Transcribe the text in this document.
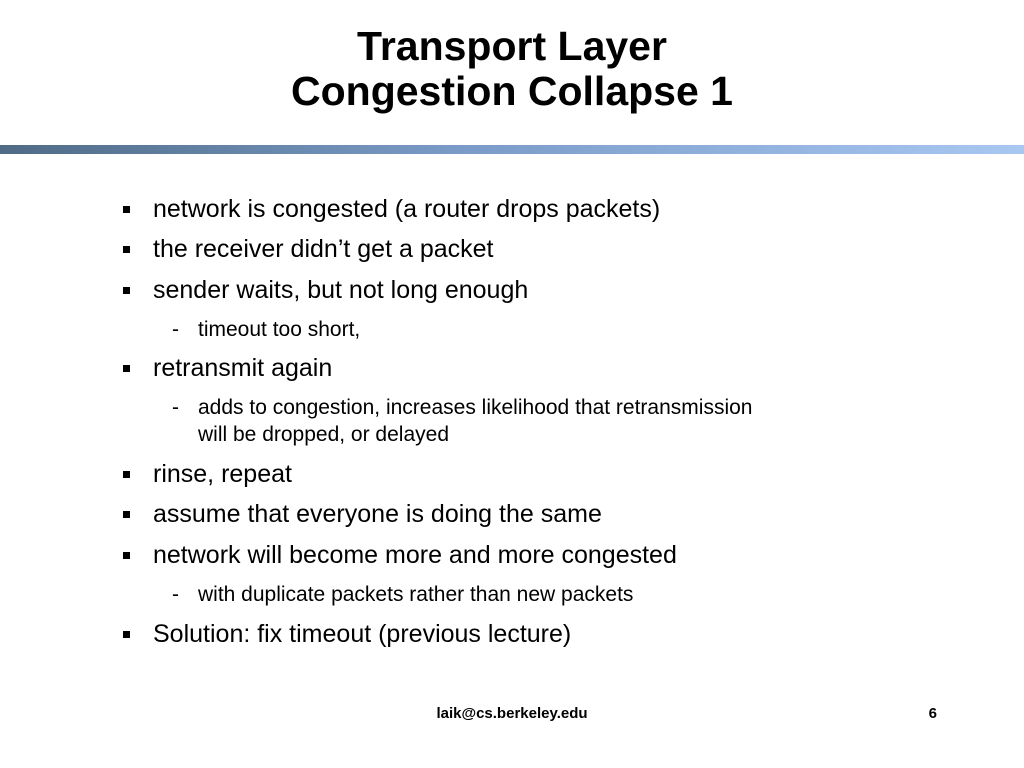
Transport Layer
Congestion Collapse 1
network is congested (a router drops packets)
the receiver didn’t get a packet
sender waits, but not long enough
- timeout too short,
retransmit again
- adds to congestion, increases likelihood that retransmission
will be dropped, or delayed
rinse, repeat
assume that everyone is doing the same
network will become more and more congested
- with duplicate packets rather than new packets
Solution: fix timeout (previous lecture)
laik@cs.berkeley.edu	6
